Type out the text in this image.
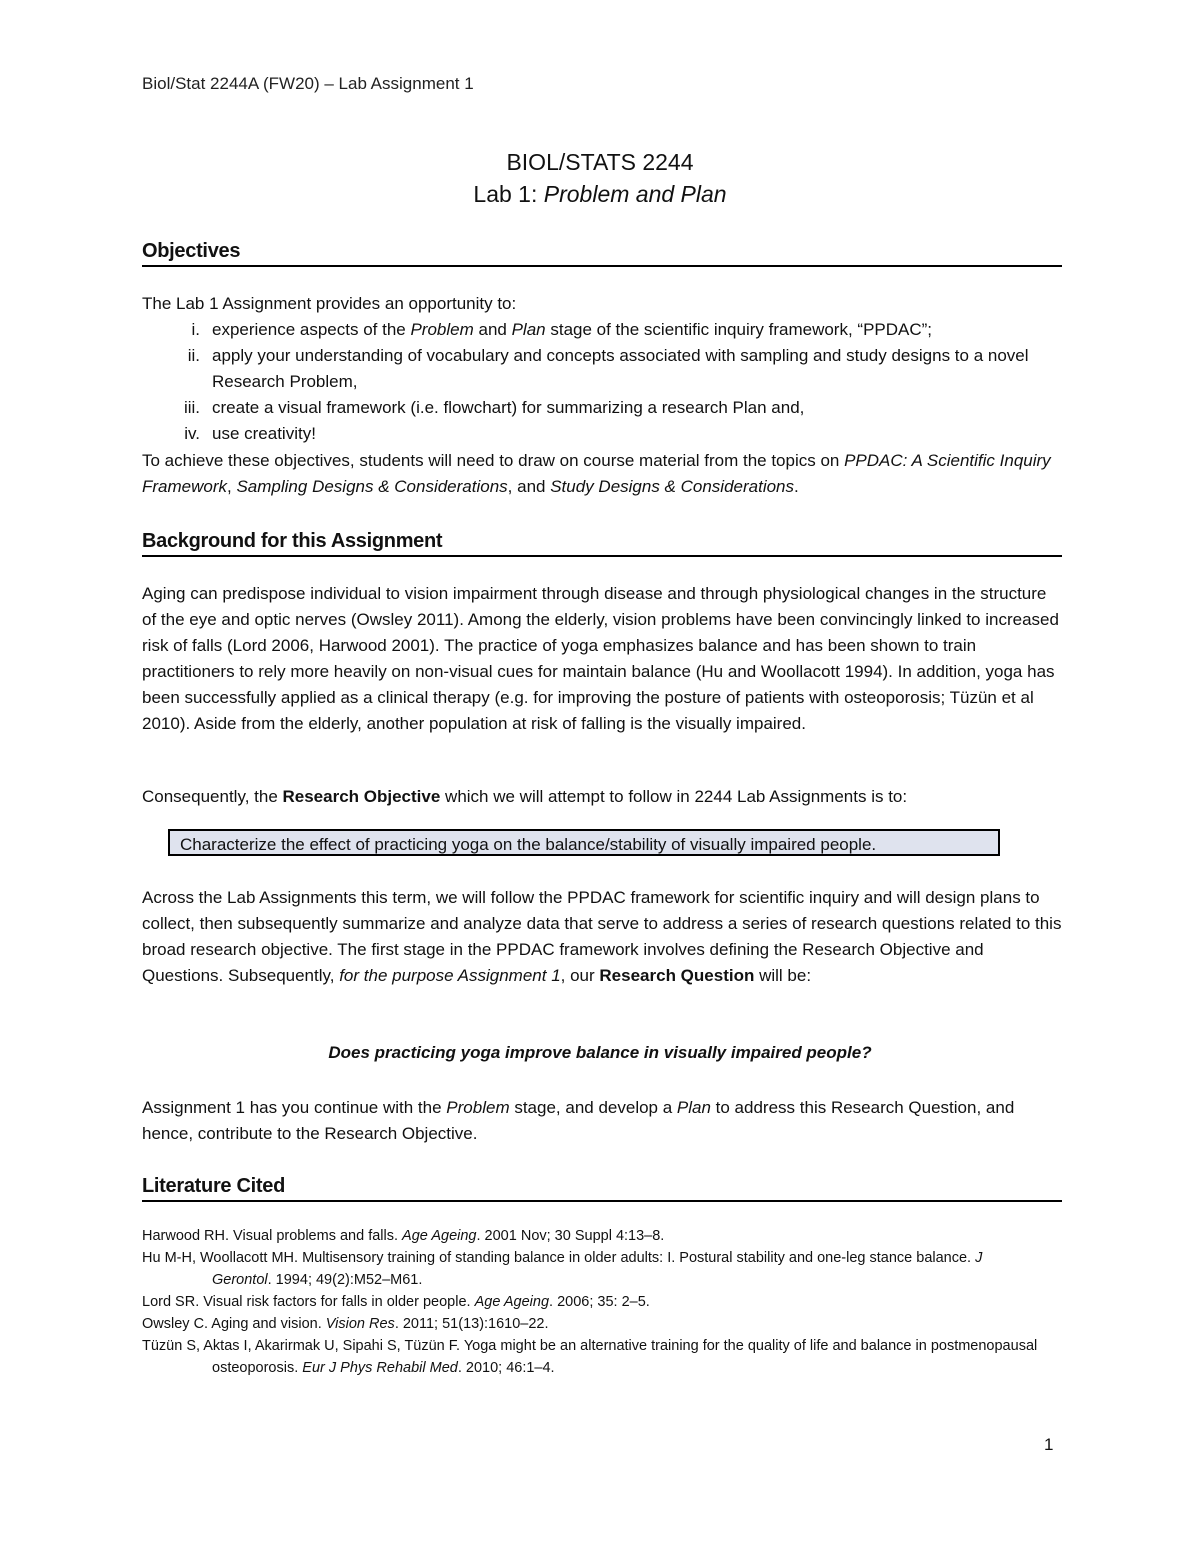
Biol/Stat 2244A (FW20) – Lab Assignment 1
BIOL/STATS 2244
Lab 1: Problem and Plan
Objectives
The Lab 1 Assignment provides an opportunity to:
i. experience aspects of the Problem and Plan stage of the scientific inquiry framework, “PPDAC”;
ii. apply your understanding of vocabulary and concepts associated with sampling and study designs to a novel Research Problem,
iii. create a visual framework (i.e. flowchart) for summarizing a research Plan and,
iv. use creativity!
To achieve these objectives, students will need to draw on course material from the topics on PPDAC: A Scientific Inquiry Framework, Sampling Designs & Considerations, and Study Designs & Considerations.
Background for this Assignment
Aging can predispose individual to vision impairment through disease and through physiological changes in the structure of the eye and optic nerves (Owsley 2011). Among the elderly, vision problems have been convincingly linked to increased risk of falls (Lord 2006, Harwood 2001). The practice of yoga emphasizes balance and has been shown to train practitioners to rely more heavily on non-visual cues for maintain balance (Hu and Woollacott 1994). In addition, yoga has been successfully applied as a clinical therapy (e.g. for improving the posture of patients with osteoporosis; Tüzün et al 2010). Aside from the elderly, another population at risk of falling is the visually impaired.
Consequently, the Research Objective which we will attempt to follow in 2244 Lab Assignments is to:
Characterize the effect of practicing yoga on the balance/stability of visually impaired people.
Across the Lab Assignments this term, we will follow the PPDAC framework for scientific inquiry and will design plans to collect, then subsequently summarize and analyze data that serve to address a series of research questions related to this broad research objective. The first stage in the PPDAC framework involves defining the Research Objective and Questions. Subsequently, for the purpose Assignment 1, our Research Question will be:
Does practicing yoga improve balance in visually impaired people?
Assignment 1 has you continue with the Problem stage, and develop a Plan to address this Research Question, and hence, contribute to the Research Objective.
Literature Cited
Harwood RH. Visual problems and falls. Age Ageing. 2001 Nov; 30 Suppl 4:13–8.
Hu M-H, Woollacott MH. Multisensory training of standing balance in older adults: I. Postural stability and one-leg stance balance. J Gerontol. 1994; 49(2):M52–M61.
Lord SR. Visual risk factors for falls in older people. Age Ageing. 2006; 35: 2–5.
Owsley C. Aging and vision. Vision Res. 2011; 51(13):1610–22.
Tüzün S, Aktas I, Akarirmak U, Sipahi S, Tüzün F. Yoga might be an alternative training for the quality of life and balance in postmenopausal osteoporosis. Eur J Phys Rehabil Med. 2010; 46:1–4.
1
